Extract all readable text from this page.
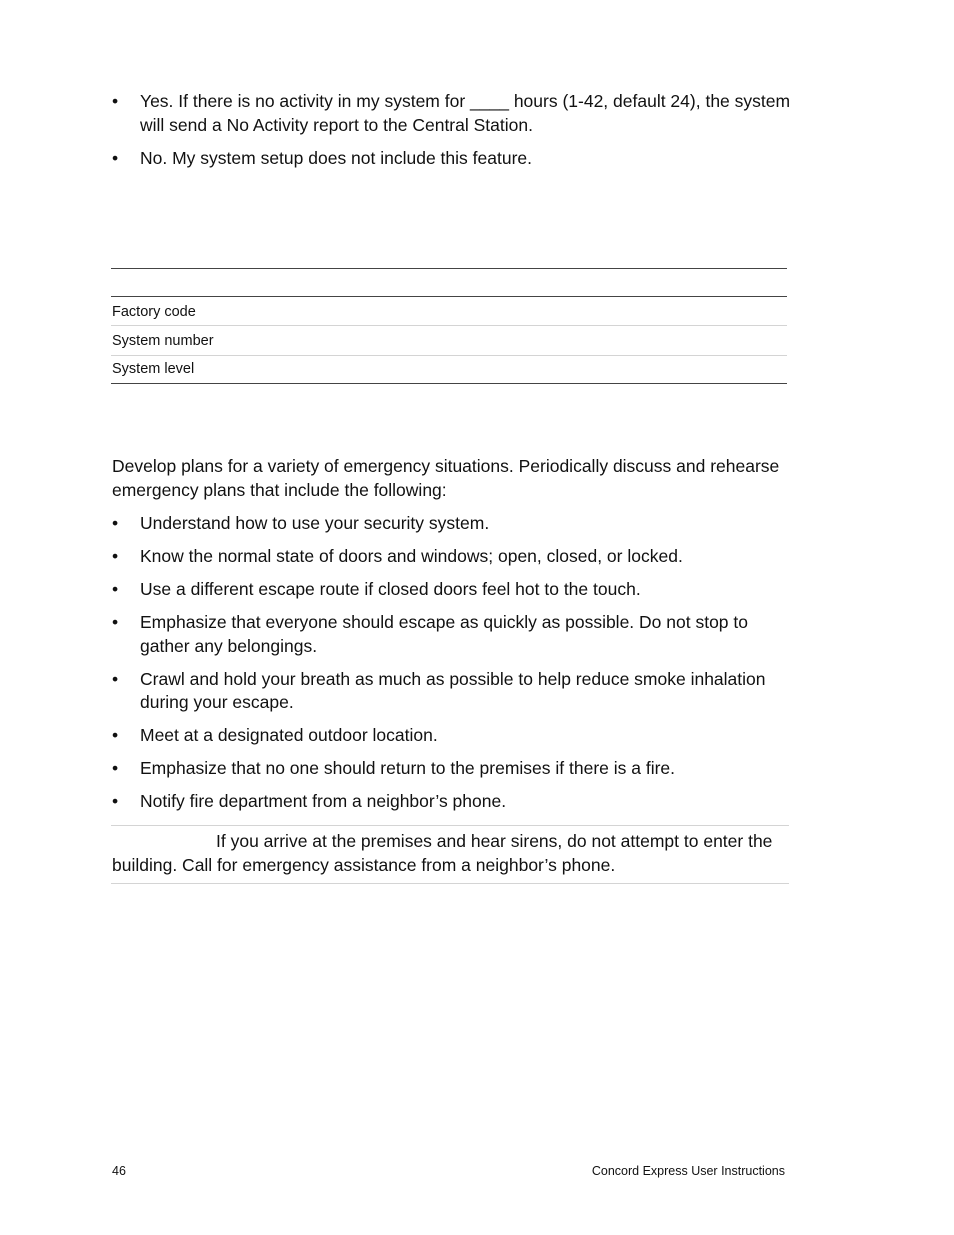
•	Yes. If there is no activity in my system for ____ hours (1-42, default 24), the system will send a No Activity report to the Central Station.
•	No. My system setup does not include this feature.
Factory code
System number
System level

Develop plans for a variety of emergency situations. Periodically discuss and rehearse emergency plans that include the following:

•	Understand how to use your security system.
•	Know the normal state of doors and windows; open, closed, or locked.
•	Use a different escape route if closed doors feel hot to the touch.
•	Emphasize that everyone should escape as quickly as possible. Do not stop to gather any belongings.
•	Crawl and hold your breath as much as possible to help reduce smoke inhalation during your escape.
•	Meet at a designated outdoor location.
•	Emphasize that no one should return to the premises if there is a fire.
•	Notify fire department from a neighbor’s phone.

If you arrive at the premises and hear sirens, do not attempt to enter the building. Call for emergency assistance from a neighbor’s phone.

46	Concord Express User Instructions
